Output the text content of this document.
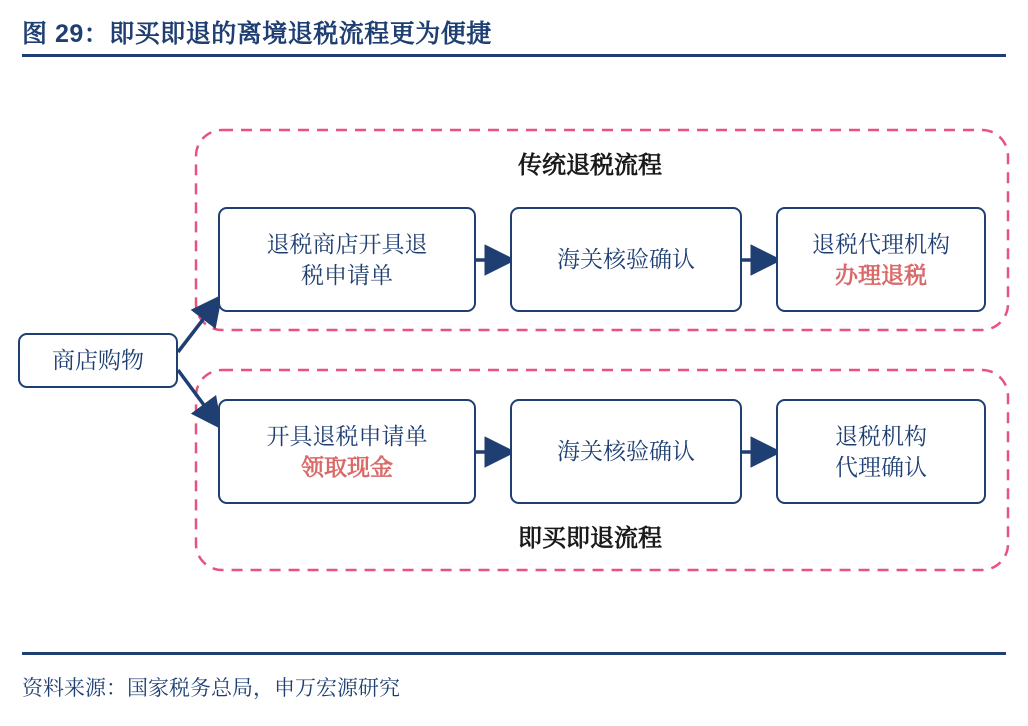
图 29：即买即退的离境退税流程更为便捷
商店购物
传统退税流程
退税商店开具退
税申请单
海关核验确认
退税代理机构
办理退税
开具退税申请单
领取现金
海关核验确认
退税机构
代理确认
即买即退流程
资料来源：国家税务总局，申万宏源研究
